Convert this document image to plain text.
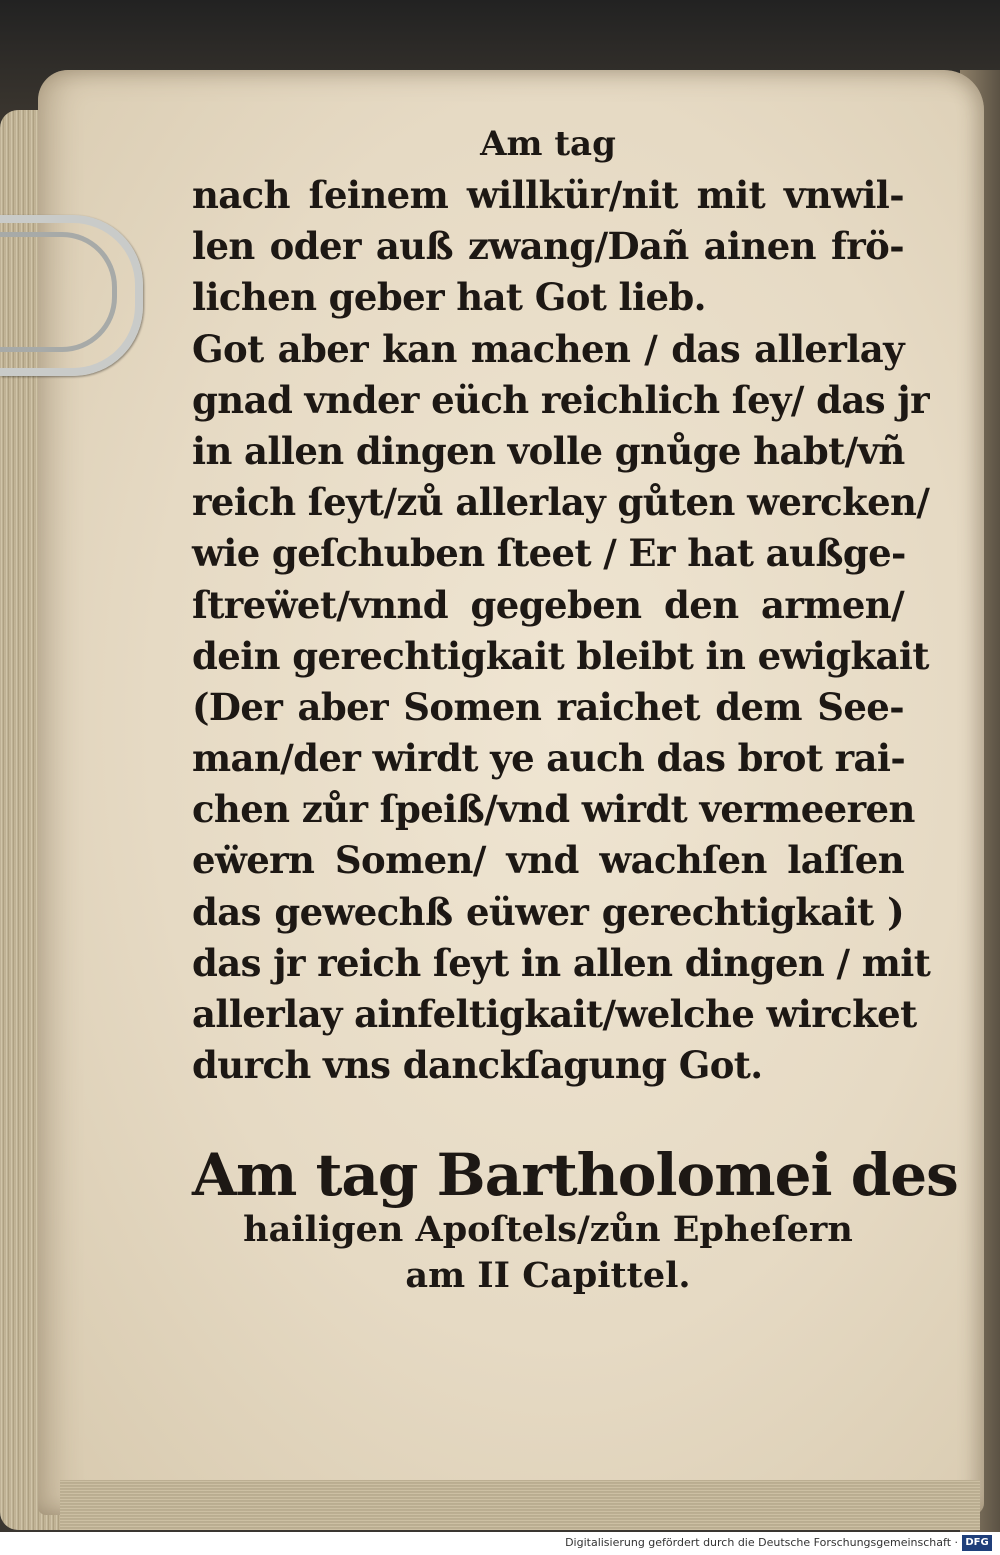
Am tag
nach ſeinem willkür/nit mit vnwil-
len oder auß zwang/Dañ ainen frö-
lichen geber hat Got lieb.
Got aber kan machen / das allerlay
gnad vnder eüch reichlich ſey/ das jr
in allen dingen volle gnůge habt/vñ
reich ſeyt/zů allerlay gůten wercken/
wie geſchuben ſteet / Er hat außge-
ſtreẅet/vnnd gegeben den armen/
dein gerechtigkait bleibt in ewigkait
(Der aber Somen raichet dem See-
man/der wirdt ye auch das brot rai-
chen zůr ſpeiß/vnd wirdt vermeeren
eẅern Somen/ vnd wachſen laſſen
das gewechß eüwer gerechtigkait )
das jr reich ſeyt in allen dingen / mit
allerlay ainfeltigkait/welche wircket
durch vns danckſagung Got.
Am tag Bartholomei des
hailigen Apoſtels/zůn Epheſern
am II Capittel.
Digitalisierung gefördert durch die Deutsche Forschungsgemeinschaft · DFG
